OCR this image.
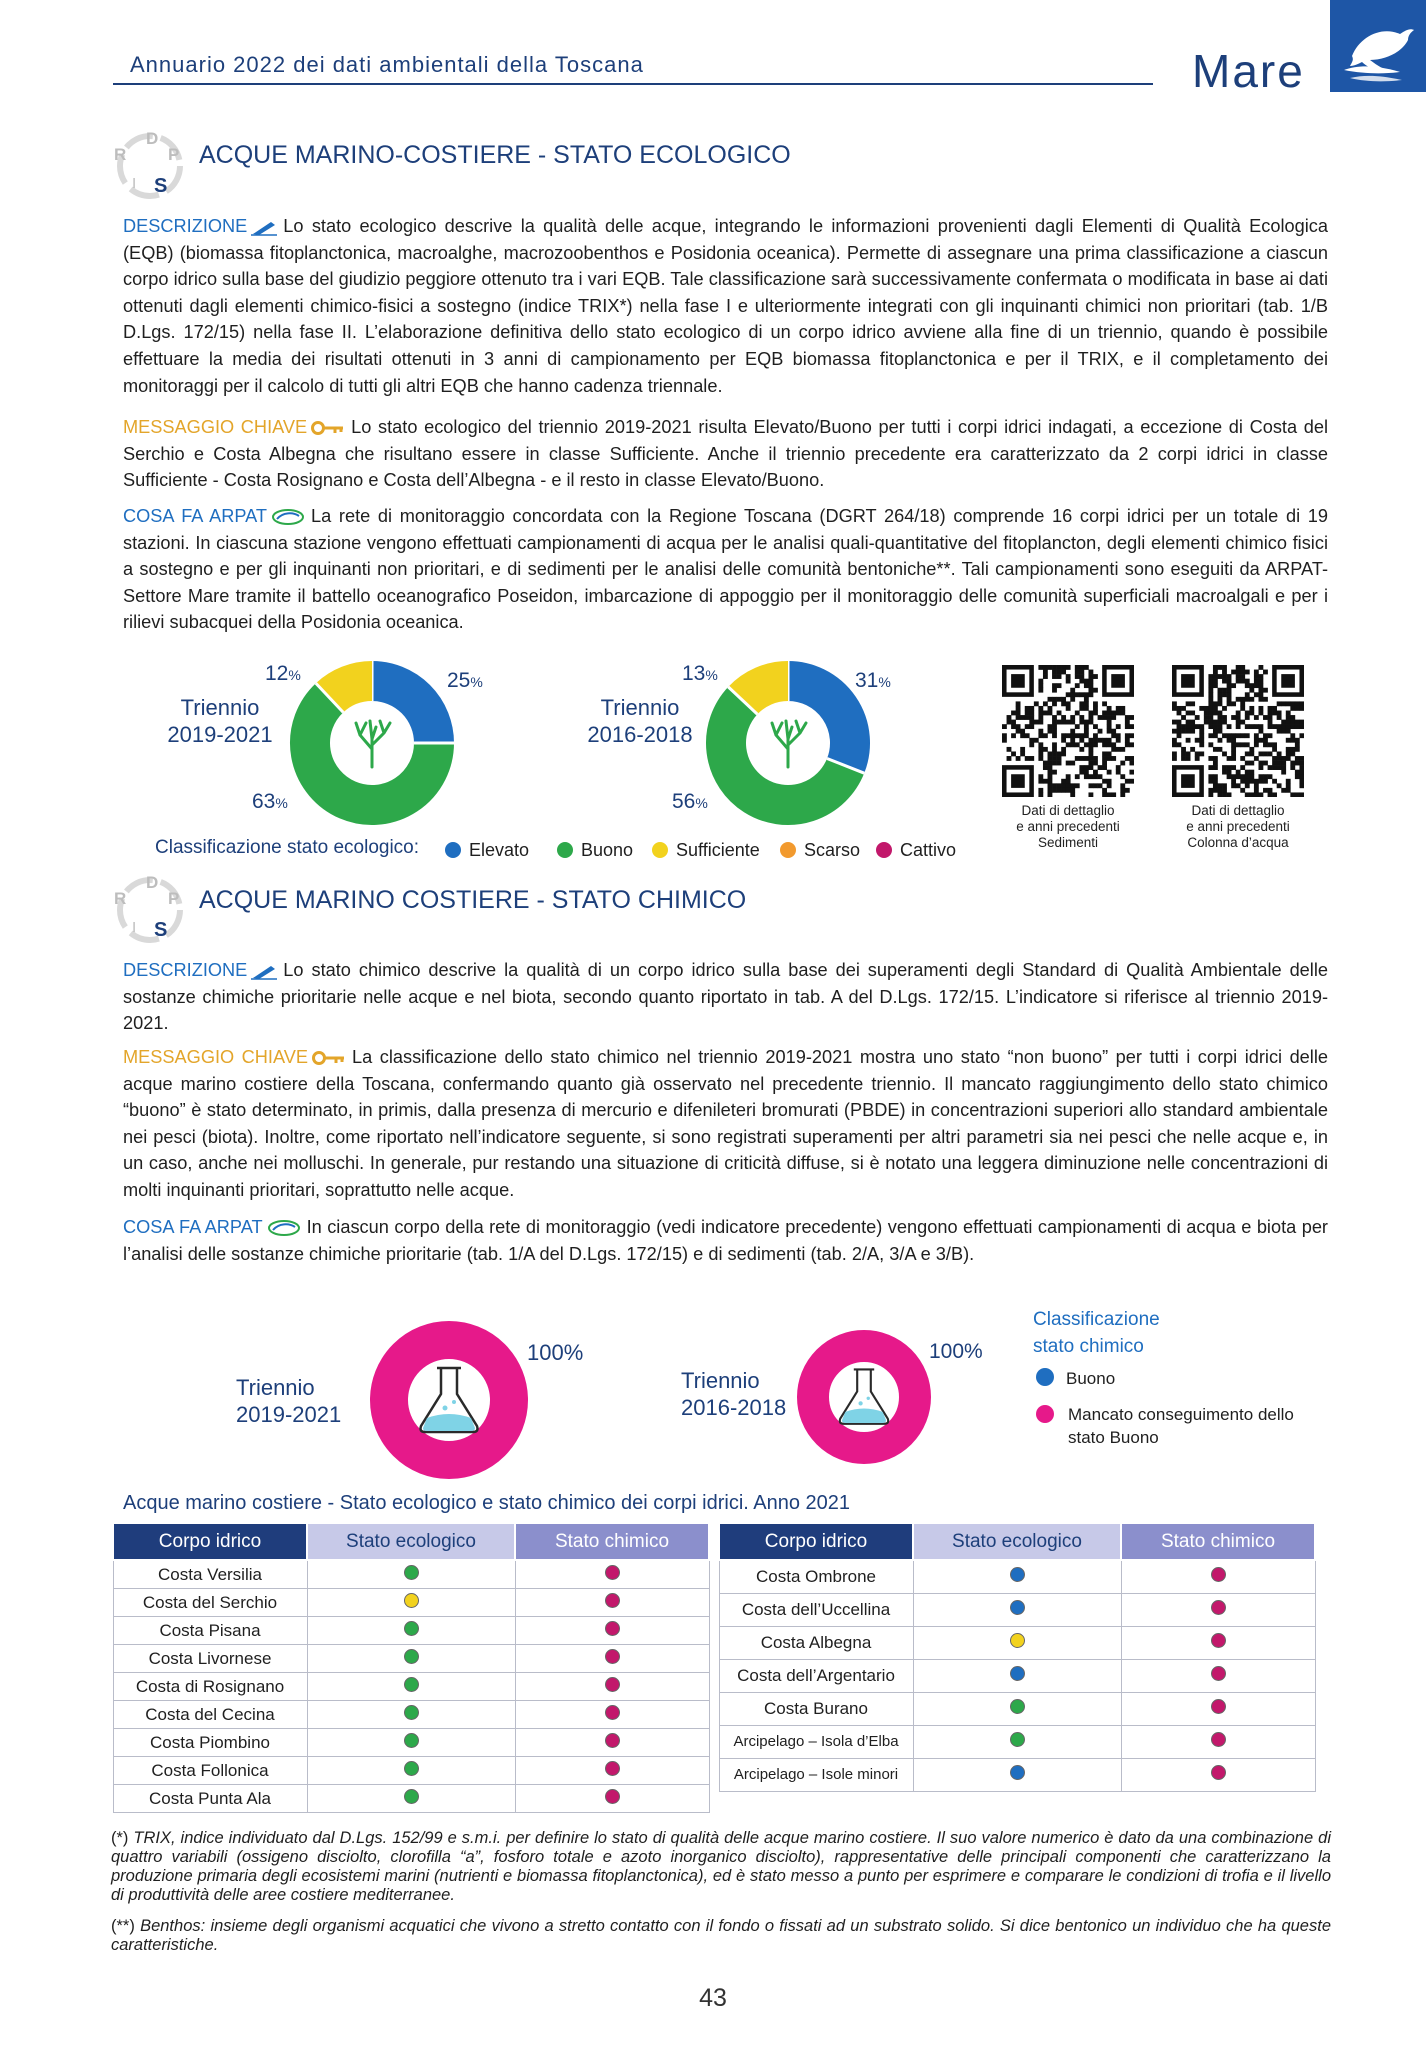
Annuario 2022 dei dati ambientali della Toscana	Mare
D
P
R
I S
ACQUE MARINO-COSTIERE - STATO ECOLOGICO
DESCRIZIONE Lo stato ecologico descrive la qualità delle acque, integrando le informazioni provenienti dagli Elementi di Qualità Ecologica (EQB) (biomassa fitoplanctonica, macroalghe, macrozoobenthos e Posidonia oceanica). Permette di assegnare una prima classificazione a ciascun corpo idrico sulla base del giudizio peggiore ottenuto tra i vari EQB. Tale classificazione sarà successivamente confermata o modificata in base ai dati ottenuti dagli elementi chimico-fisici a sostegno (indice TRIX*) nella fase I e ulteriormente integrati con gli inquinanti chimici non prioritari (tab. 1/B D.Lgs. 172/15) nella fase II. L’elaborazione definitiva dello stato ecologico di un corpo idrico avviene alla fine di un triennio, quando è possibile effettuare la media dei risultati ottenuti in 3 anni di campionamento per EQB biomassa fitoplanctonica e per il TRIX, e il completamento dei monitoraggi per il calcolo di tutti gli altri EQB che hanno cadenza triennale.
MESSAGGIO CHIAVE Lo stato ecologico del triennio 2019-2021 risulta Elevato/Buono per tutti i corpi idrici indagati, a eccezione di Costa del Serchio e Costa Albegna che risultano essere in classe Sufficiente. Anche il triennio precedente era caratterizzato da 2 corpi idrici in classe Sufficiente - Costa Rosignano e Costa dell’Albegna - e il resto in classe Elevato/Buono.
COSA FA ARPAT La rete di monitoraggio concordata con la Regione Toscana (DGRT 264/18) comprende 16 corpi idrici per un totale di 19 stazioni. In ciascuna stazione vengono effettuati campionamenti di acqua per le analisi quali-quantitative del fitoplancton, degli elementi chimico fisici a sostegno e per gli inquinanti non prioritari, e di sedimenti per le analisi delle comunità bentoniche**. Tali campionamenti sono eseguiti da ARPAT-Settore Mare tramite il battello oceanografico Poseidon, imbarcazione di appoggio per il monitoraggio delle comunità superficiali macroalgali e per i rilievi subacquei della Posidonia oceanica.
Triennio
2019-2021
12%	25%
63%
Triennio
2016-2018
13%	31%
56%	Dati di dettaglio
e anni precedenti
Sedimenti
Dati di dettaglio
e anni precedenti
Colonna d’acqua
Classificazione stato ecologico:	Elevato	Buono	Sufficiente	Scarso	Cattivo
D
P
R
I S
ACQUE MARINO COSTIERE - STATO CHIMICO
DESCRIZIONE Lo stato chimico descrive la qualità di un corpo idrico sulla base dei superamenti degli Standard di Qualità Ambientale delle sostanze chimiche prioritarie nelle acque e nel biota, secondo quanto riportato in tab. A del D.Lgs. 172/15. L’indicatore si riferisce al triennio 2019-2021.
MESSAGGIO CHIAVE La classificazione dello stato chimico nel triennio 2019-2021 mostra uno stato “non buono” per tutti i corpi idrici delle acque marino costiere della Toscana, confermando quanto già osservato nel precedente triennio. Il mancato raggiungimento dello stato chimico “buono” è stato determinato, in primis, dalla presenza di mercurio e difenileteri bromurati (PBDE) in concentrazioni superiori allo standard ambientale nei pesci (biota). Inoltre, come riportato nell’indicatore seguente, si sono registrati superamenti per altri parametri sia nei pesci che nelle acque e, in un caso, anche nei molluschi. In generale, pur restando una situazione di criticità diffuse, si è notato una leggera diminuzione nelle concentrazioni di molti inquinanti prioritari, soprattutto nelle acque.
COSA FA ARPAT In ciascun corpo della rete di monitoraggio (vedi indicatore precedente) vengono effettuati campionamenti di acqua e biota per l’analisi delle sostanze chimiche prioritarie (tab. 1/A del D.Lgs. 172/15) e di sedimenti (tab. 2/A, 3/A e 3/B).
Triennio
2019-2021
100%
Triennio
2016-2018
100%
Classificazione
stato chimico
Buono
Mancato conseguimento dello stato Buono
Acque marino costiere - Stato ecologico e stato chimico dei corpi idrici. Anno 2021
Corpo idrico	Stato ecologico	Stato chimico
Costa Versilia		
Costa del Serchio		
Costa Pisana		
Costa Livornese		
Costa di Rosignano		
Costa del Cecina		
Costa Piombino		
Costa Follonica		
Costa Punta Ala		
Corpo idrico	Stato ecologico	Stato chimico
Costa Ombrone		
Costa dell’Uccellina		
Costa Albegna		
Costa dell’Argentario		
Costa Burano		
Arcipelago – Isola d’Elba		
Arcipelago – Isole minori		
(*) TRIX, indice individuato dal D.Lgs. 152/99 e s.m.i. per definire lo stato di qualità delle acque marino costiere. Il suo valore numerico è dato da una combinazione di quattro variabili (ossigeno disciolto, clorofilla “a”, fosforo totale e azoto inorganico disciolto), rappresentative delle principali componenti che caratterizzano la produzione primaria degli ecosistemi marini (nutrienti e biomassa fitoplanctonica), ed è stato messo a punto per esprimere e comparare le condizioni di trofia e il livello di produttività delle aree costiere mediterranee.
(**) Benthos: insieme degli organismi acquatici che vivono a stretto contatto con il fondo o fissati ad un substrato solido. Si dice bentonico un individuo che ha queste caratteristiche.
43
